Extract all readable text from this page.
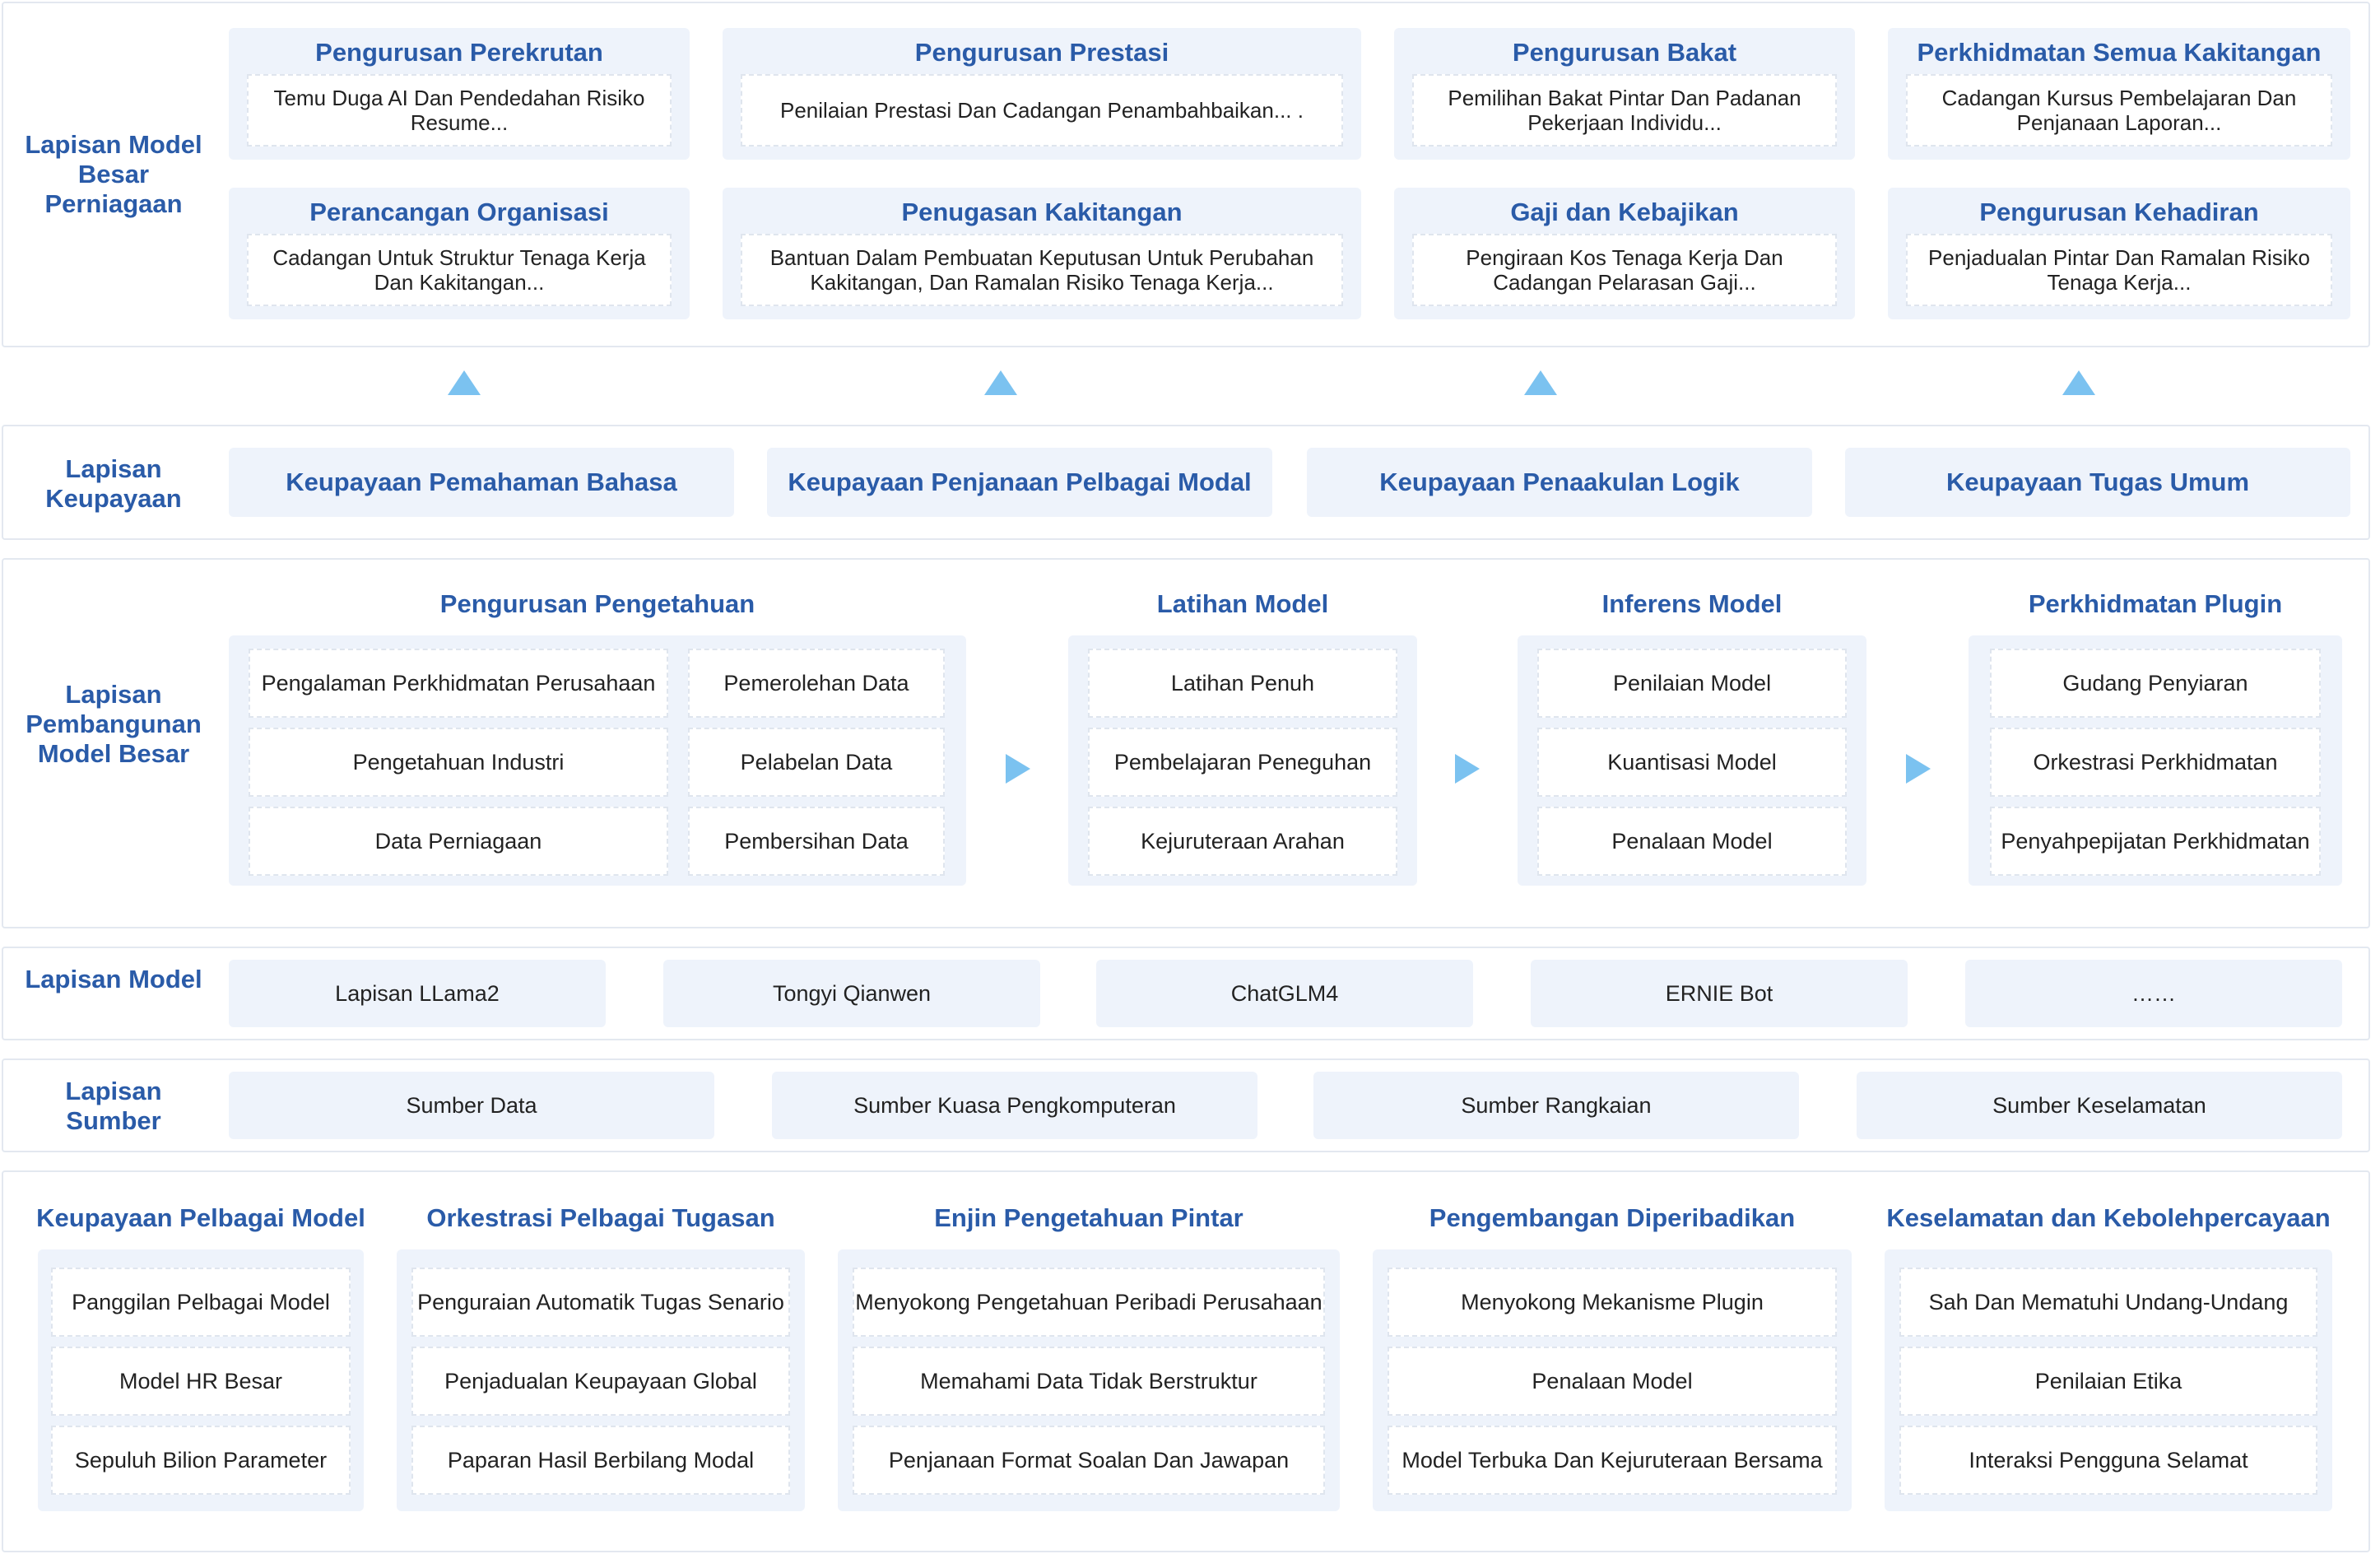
Lapisan Model Besar Perniagaan
Pengurusan Perekrutan
Temu Duga AI Dan Pendedahan Risiko Resume...
Pengurusan Prestasi
Penilaian Prestasi Dan Cadangan Penambahbaikan... .
Pengurusan Bakat
Pemilihan Bakat Pintar Dan Padanan Pekerjaan Individu...
Perkhidmatan Semua Kakitangan
Cadangan Kursus Pembelajaran Dan Penjanaan Laporan...
Perancangan Organisasi
Cadangan Untuk Struktur Tenaga Kerja Dan Kakitangan...
Penugasan Kakitangan
Bantuan Dalam Pembuatan Keputusan Untuk Perubahan Kakitangan, Dan Ramalan Risiko Tenaga Kerja...
Gaji dan Kebajikan
Pengiraan Kos Tenaga Kerja Dan Cadangan Pelarasan Gaji...
Pengurusan Kehadiran
Penjadualan Pintar Dan Ramalan Risiko Tenaga Kerja...
Lapisan Keupayaan
Keupayaan Pemahaman Bahasa	Keupayaan Penjanaan Pelbagai Modal	Keupayaan Penaakulan Logik	Keupayaan Tugas Umum
Lapisan Pembangunan Model Besar
Pengurusan Pengetahuan
Pengalaman Perkhidmatan Perusahaan
Pengetahuan Industri
Data Perniagaan
Pemerolehan Data
Pelabelan Data
Pembersihan Data
Latihan Model
Latihan Penuh
Pembelajaran Peneguhan
Kejuruteraan Arahan
Inferens Model
Penilaian Model
Kuantisasi Model
Penalaan Model
Perkhidmatan Plugin
Gudang Penyiaran
Orkestrasi Perkhidmatan
Penyahpepijatan Perkhidmatan
Lapisan Model	Lapisan LLama2	Tongyi Qianwen	ChatGLM4	ERNIE Bot	……
Lapisan Sumber
Sumber Data	Sumber Kuasa Pengkomputeran	Sumber Rangkaian	Sumber Keselamatan
Keupayaan Pelbagai Model
Panggilan Pelbagai Model
Model HR Besar
Sepuluh Bilion Parameter
Orkestrasi Pelbagai Tugasan
Penguraian Automatik Tugas Senario
Penjadualan Keupayaan Global
Paparan Hasil Berbilang Modal
Enjin Pengetahuan Pintar
Menyokong Pengetahuan Peribadi Perusahaan
Memahami Data Tidak Berstruktur
Penjanaan Format Soalan Dan Jawapan
Pengembangan Diperibadikan
Menyokong Mekanisme Plugin
Penalaan Model
Model Terbuka Dan Kejuruteraan Bersama
Keselamatan dan Kebolehpercayaan
Sah Dan Mematuhi Undang-Undang
Penilaian Etika
Interaksi Pengguna Selamat
